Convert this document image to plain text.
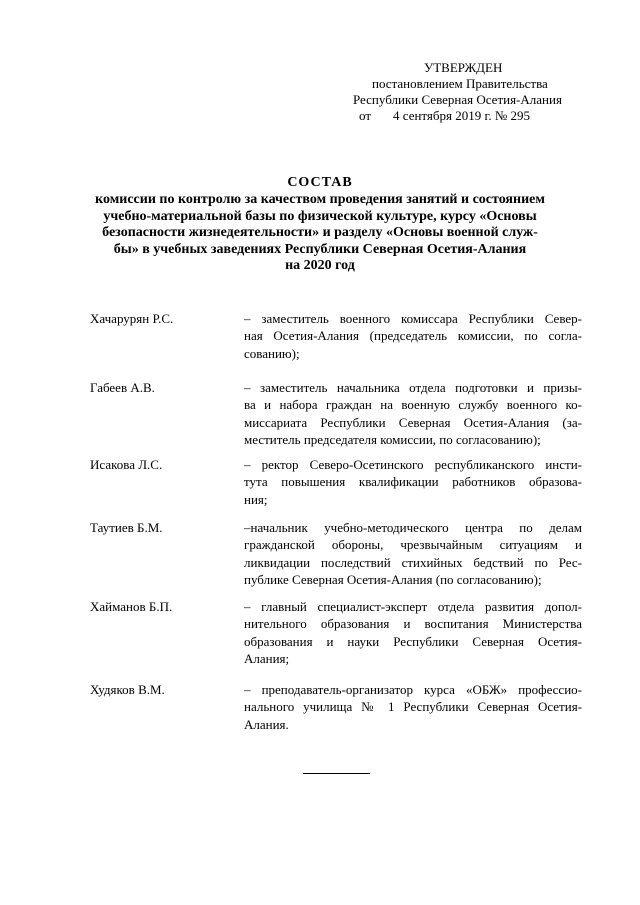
УТВЕРЖДЕН
постановлением Правительства
Республики Северная Осетия-Алания
от 4 сентября 2019 г. № 295
СОСТАВ
комиссии по контролю за качеством проведения занятий и состоянием
учебно-материальной базы по физической культуре, курсу «Основы
безопасности жизнедеятельности» и разделу «Основы военной служ-
бы» в учебных заведениях Республики Северная Осетия-Алания
на 2020 год
Хачарурян Р.С.	– заместитель военного комиссара Республики Север-
ная Осетия-Алания (председатель комиссии, по согла-
сованию);
Габеев А.В.	– заместитель начальника отдела подготовки и призы-
ва и набора граждан на военную службу военного ко-
миссариата Республики Северная Осетия-Алания (за-
меститель председателя комиссии, по согласованию);
Исакова Л.С.	– ректор Северо-Осетинского республиканского инсти-
тута повышения квалификации работников образова-
ния;
Таутиев Б.М.	–начальник учебно-методического центра по делам
гражданской обороны, чрезвычайным ситуациям и
ликвидации последствий стихийных бедствий по Рес-
публике Северная Осетия-Алания (по согласованию);
Хайманов Б.П.	– главный специалист-эксперт отдела развития допол-
нительного образования и воспитания Министерства
образования и науки Республики Северная Осетия-
Алания;
Худяков В.М.	– преподаватель-организатор курса «ОБЖ» профессио-
нального училища № 1 Республики Северная Осетия-
Алания.
